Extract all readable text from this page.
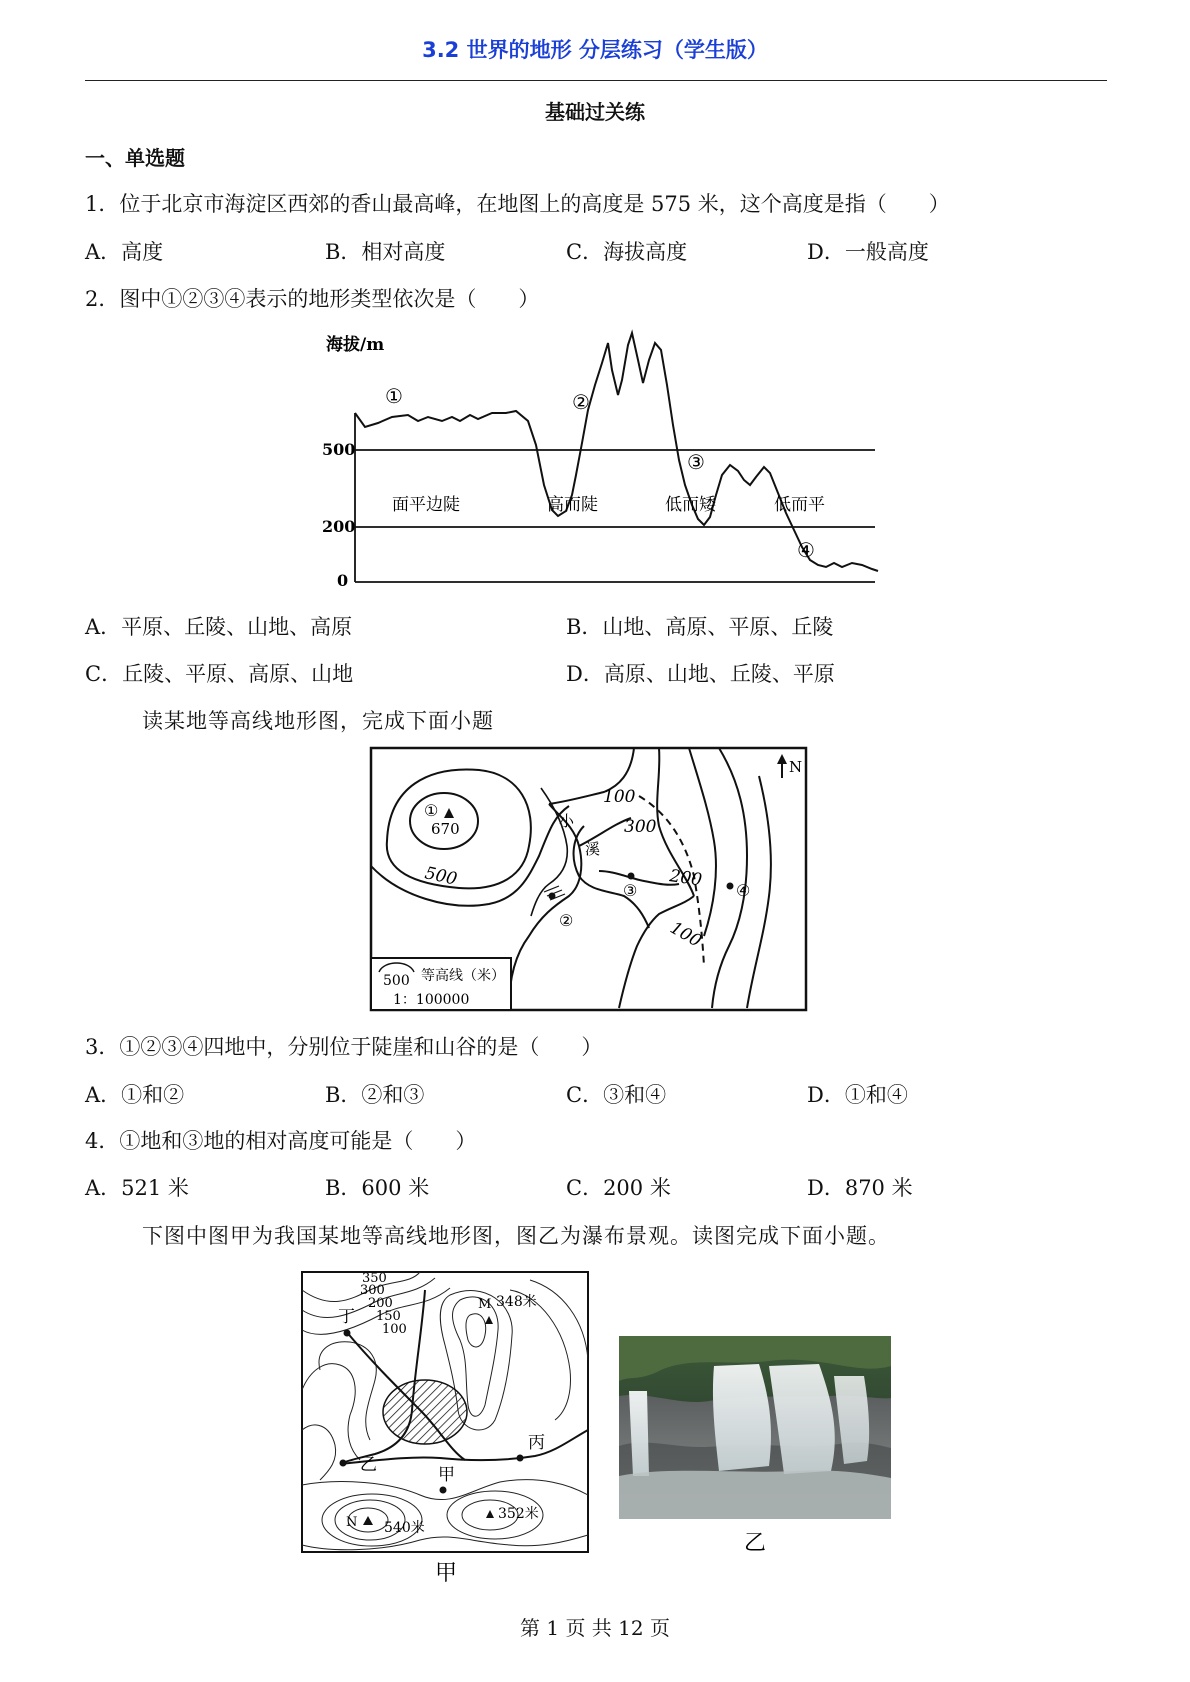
3.2 世界的地形 分层练习（学生版）
基础过关练
一、单选题
1．位于北京市海淀区西郊的香山最高峰，在地图上的高度是 575 米，这个高度是指（　　）
A．高度	B．相对高度	C．海拔高度	D．一般高度
2．图中①②③④表示的地形类型依次是（　　）
海拔/m
500
200
0
①	②
③
④
面平边陡	高而陡	低而矮	低而平
A．平原、丘陵、山地、高原	B．山地、高原、平原、丘陵
C．丘陵、平原、高原、山地	D．高原、山地、丘陵、平原
读某地等高线地形图，完成下面小题
N
①
670
500
小
溪
100
300
200
100
②
③	④
500 等高线（米）
1：100000
3．①②③④四地中，分别位于陡崖和山谷的是（　　）
A．①和②	B．②和③	C．③和④	D．①和④
4．①地和③地的相对高度可能是（　　）
A．521 米	B．600 米	C．200 米	D．870 米
下图中图甲为我国某地等高线地形图，图乙为瀑布景观。读图完成下面小题。
350
300
200
150
100
丁
乙	甲
丙
M 348米
N 540米
352米
甲
乙
第 1 页 共 12 页
